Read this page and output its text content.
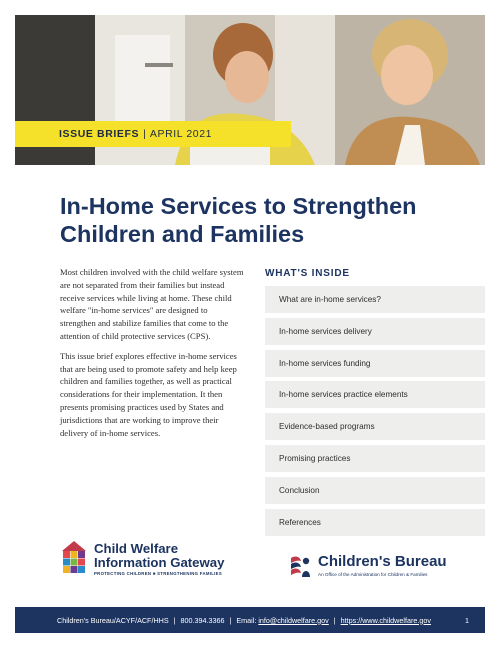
ISSUE BRIEFS | APRIL 2021
In-Home Services to Strengthen
Children and Families

Most children involved with the child welfare system are not separated from their families but instead receive services while living at home. These child welfare "in-home services" are designed to strengthen and stabilize families that come to the attention of child protective services (CPS).

This issue brief explores effective in-home services that are being used to promote safety and help keep children and families together, as well as practical considerations for their implementation. It then presents promising practices used by States and jurisdictions that are working to improve their delivery of in-home services.

WHAT'S INSIDE
What are in-home services?
In-home services delivery
In-home services funding
In-home services practice elements
Evidence-based programs
Promising practices
Conclusion
References
Child Welfare
Information Gateway
PROTECTING CHILDREN ■ STRENGTHENING FAMILIES
Children's Bureau
An Office of the Administration for Children & Families
Children's Bureau/ACYF/ACF/HHS | 800.394.3366 | Email:
info@childwelfare.gov | https://www.childwelfare.gov	1
